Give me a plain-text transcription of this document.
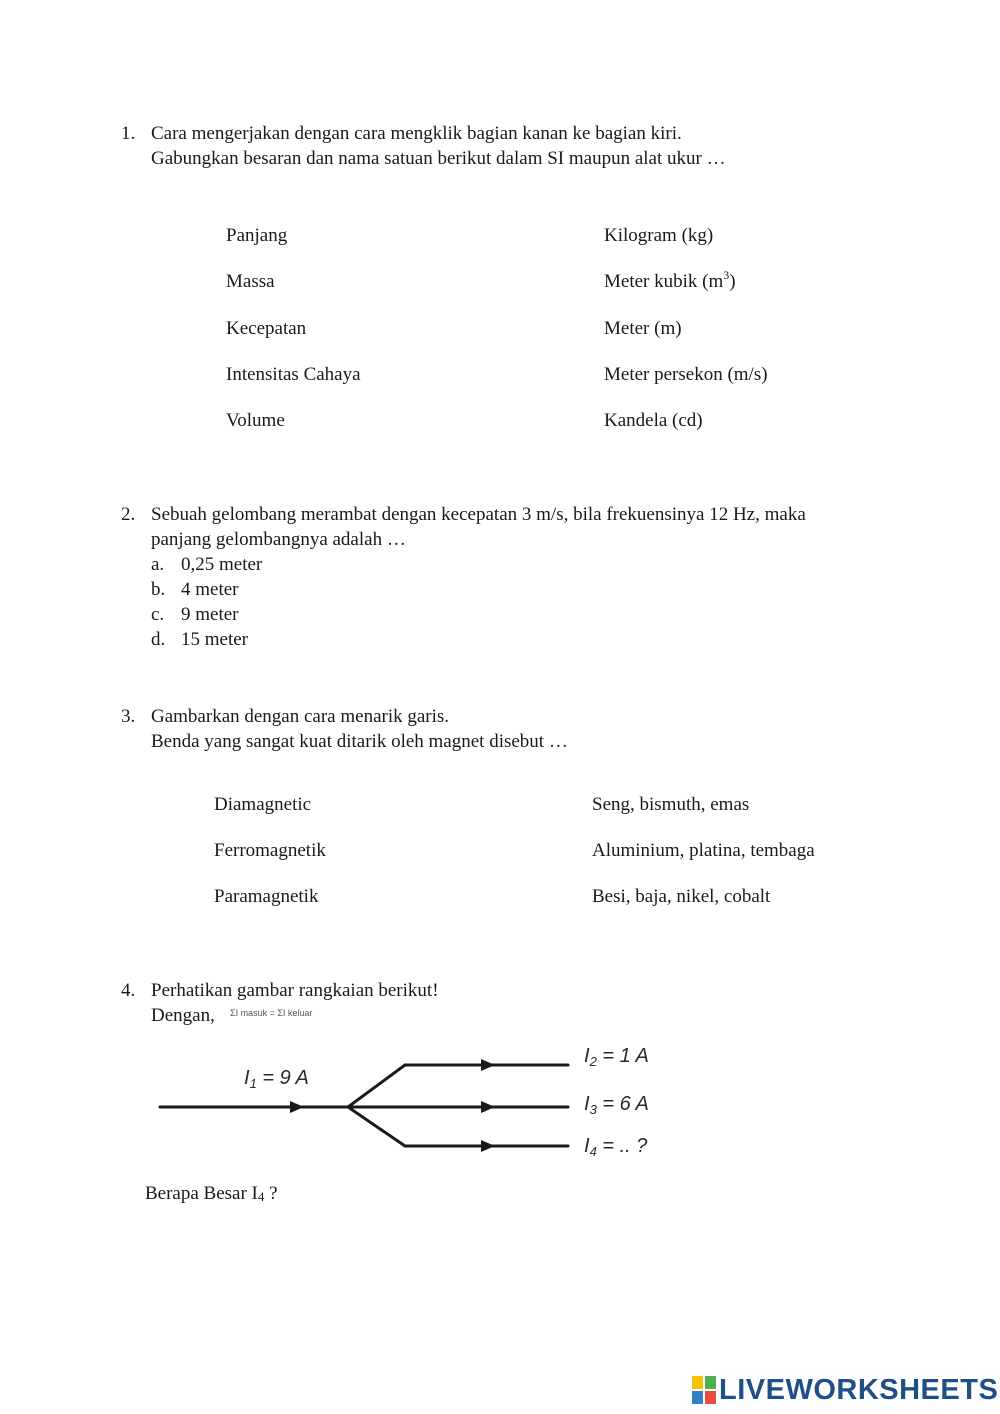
1. Cara mengerjakan dengan cara mengklik bagian kanan ke bagian kiri.
Gabungkan besaran dan nama satuan berikut dalam SI maupun alat ukur …
Panjang
Massa
Kecepatan
Intensitas Cahaya
Volume
Kilogram (kg)
Meter kubik $(m^3)$
Meter (m)
Meter persekon (m/s)
Kandela (cd)
2. Sebuah gelombang merambat dengan kecepatan 3 m/s, bila frekuensinya 12 Hz, maka
panjang gelombangnya adalah …
a. 0,25 meter
b. 4 meter
c. 9 meter
d. 15 meter
3. Gambarkan dengan cara menarik garis.
Benda yang sangat kuat ditarik oleh magnet disebut …
Diamagnetic
Ferromagnetik
Paramagnetik
Seng, bismuth, emas
Aluminium, platina, tembaga
Besi, baja, nikel, cobalt
4. Perhatikan gambar rangkaian berikut!
Dengan, ΣI masuk = ΣI keluar
$I_1 = 9$ A
$I_2 = 1$ A
$I_3 = 6$ A
$I_4$ = .. ?
Berapa Besar $I_4$ ?
LIVEWORKSHEETS
